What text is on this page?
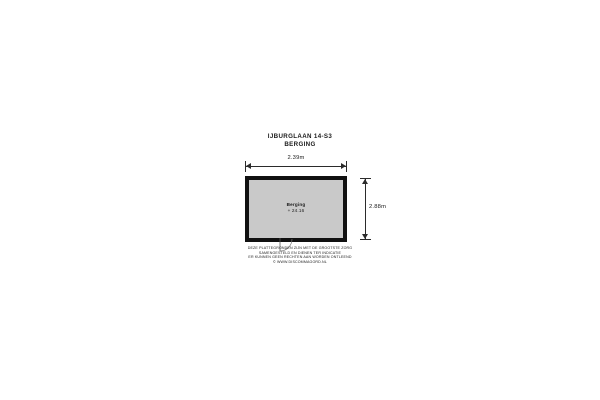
IJBURGLAAN 14-S3
BERGING
2.39m
2.88m
Berging
+ 24.16
DEZE PLATTEGRONDEN ZIJN MET DE GROOTSTE ZORG
SAMENGESTELD EN DIENEN TER INDICATIE
ER KUNNEN GEEN RECHTEN AAN WORDEN ONTLEEND
© WWW.DISCOMMAGORD.NL
